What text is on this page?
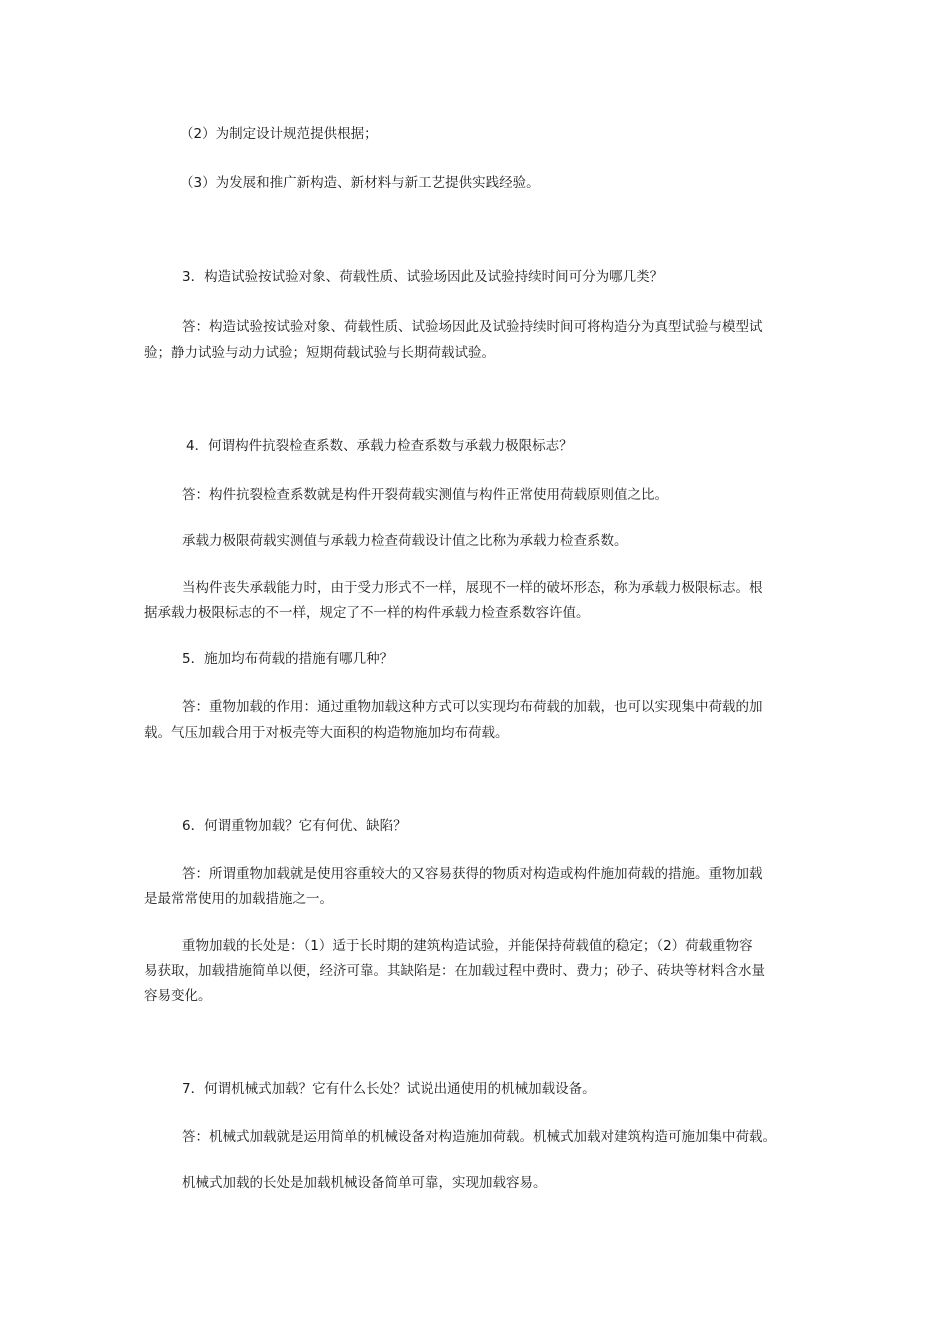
（2）为制定设计规范提供根据；

（3）为发展和推广新构造、新材料与新工艺提供实践经验。

3．构造试验按试验对象、荷载性质、试验场因此及试验持续时间可分为哪几类？

答：构造试验按试验对象、荷载性质、试验场因此及试验持续时间可将构造分为真型试验与模型试

验；静力试验与动力试验；短期荷载试验与长期荷载试验。

4．何谓构件抗裂检查系数、承载力检查系数与承载力极限标志？

答：构件抗裂检查系数就是构件开裂荷载实测值与构件正常使用荷载原则值之比。

承载力极限荷载实测值与承载力检查荷载设计值之比称为承载力检查系数。

当构件丧失承载能力时，由于受力形式不一样，展现不一样的破坏形态，称为承载力极限标志。根

据承载力极限标志的不一样，规定了不一样的构件承载力检查系数容许值。

5．施加均布荷载的措施有哪几种？

答：重物加载的作用：通过重物加载这种方式可以实现均布荷载的加载，也可以实现集中荷载的加

载。气压加载合用于对板壳等大面积的构造物施加均布荷载。

6．何谓重物加载？它有何优、缺陷？

答：所谓重物加载就是使用容重较大的又容易获得的物质对构造或构件施加荷载的措施。重物加载

是最常常使用的加载措施之一。

重物加载的长处是：（1）适于长时期的建筑构造试验，并能保持荷载值的稳定；（2）荷载重物容

易获取，加载措施简单以便，经济可靠。其缺陷是：在加载过程中费时、费力；砂子、砖块等材料含水量

容易变化。

7．何谓机械式加载？它有什么长处？试说出通使用的机械加载设备。

答：机械式加载就是运用简单的机械设备对构造施加荷载。机械式加载对建筑构造可施加集中荷载。

机械式加载的长处是加载机械设备简单可靠，实现加载容易。
